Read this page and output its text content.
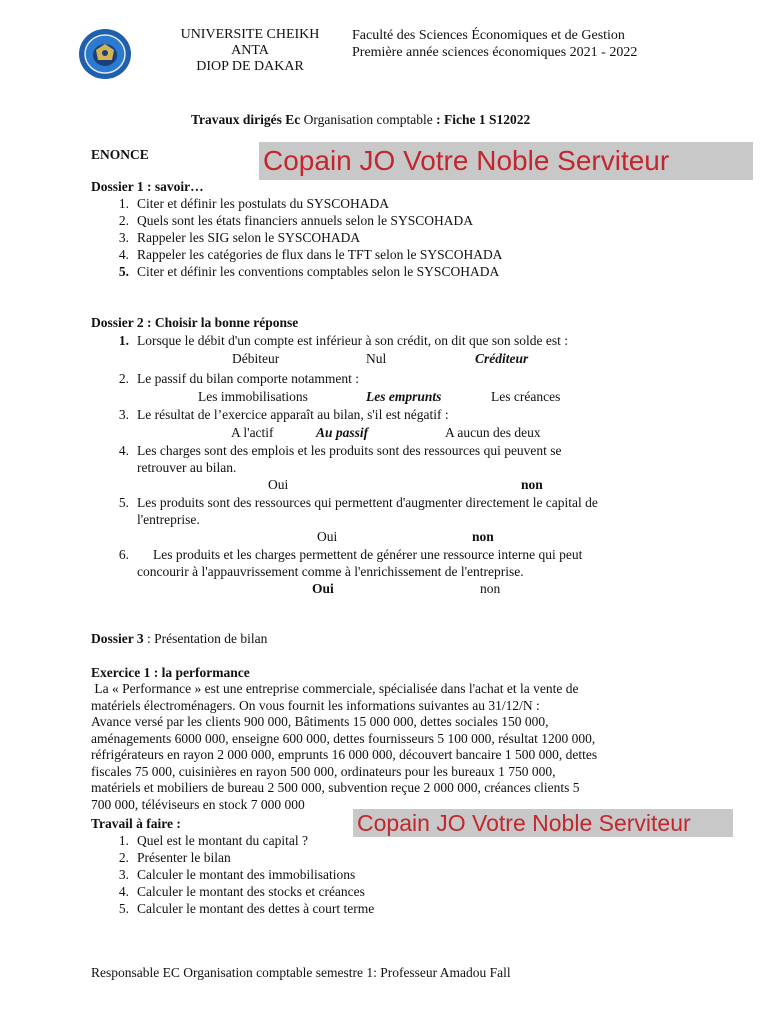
UNIVERSITE CHEIKH
ANTA
DIOP DE DAKAR
Faculté des Sciences Économiques et de Gestion
Première année sciences économiques 2021 - 2022
Travaux dirigés Ec Organisation comptable : Fiche 1 S12022
ENONCE	Copain JO Votre Noble Serviteur
Dossier 1 : savoir…
1. Citer et définir les postulats du SYSCOHADA
2. Quels sont les états financiers annuels selon le SYSCOHADA
3. Rappeler les SIG selon le SYSCOHADA
4. Rappeler les catégories de flux dans le TFT selon le SYSCOHADA
5. Citer et définir les conventions comptables selon le SYSCOHADA
Dossier 2 : Choisir la bonne réponse
1. Lorsque le débit d'un compte est inférieur à son crédit, on dit que son solde est :
Débiteur	Nul	Créditeur
2. Le passif du bilan comporte notamment :
Les immobilisations	Les emprunts	Les créances
3. Le résultat de l’exercice apparaît au bilan, s'il est négatif :
A l'actif	Au passif	A aucun des deux
4. Les charges sont des emplois et les produits sont des ressources qui peuvent se
retrouver au bilan.
Oui	non
5. Les produits sont des ressources qui permettent d'augmenter directement le capital de
l'entreprise.
Oui	non
6. Les produits et les charges permettent de générer une ressource interne qui peut
concourir à l'appauvrissement comme à l'enrichissement de l'entreprise.
Oui	non
Dossier 3 : Présentation de bilan
Exercice 1 : la performance
La « Performance » est une entreprise commerciale, spécialisée dans l'achat et la vente de
matériels électroménagers. On vous fournit les informations suivantes au 31/12/N :
Avance versé par les clients 900 000, Bâtiments 15 000 000, dettes sociales 150 000,
aménagements 6000 000, enseigne 600 000, dettes fournisseurs 5 100 000, résultat 1200 000,
réfrigérateurs en rayon 2 000 000, emprunts 16 000 000, découvert bancaire 1 500 000, dettes
fiscales 75 000, cuisinières en rayon 500 000, ordinateurs pour les bureaux 1 750 000,
matériels et mobiliers de bureau 2 500 000, subvention reçue 2 000 000, créances clients 5
700 000, téléviseurs en stock 7 000 000
Travail à faire :	Copain JO Votre Noble Serviteur
1. Quel est le montant du capital ?
2. Présenter le bilan
3. Calculer le montant des immobilisations
4. Calculer le montant des stocks et créances
5. Calculer le montant des dettes à court terme
Responsable EC Organisation comptable semestre 1: Professeur Amadou Fall
